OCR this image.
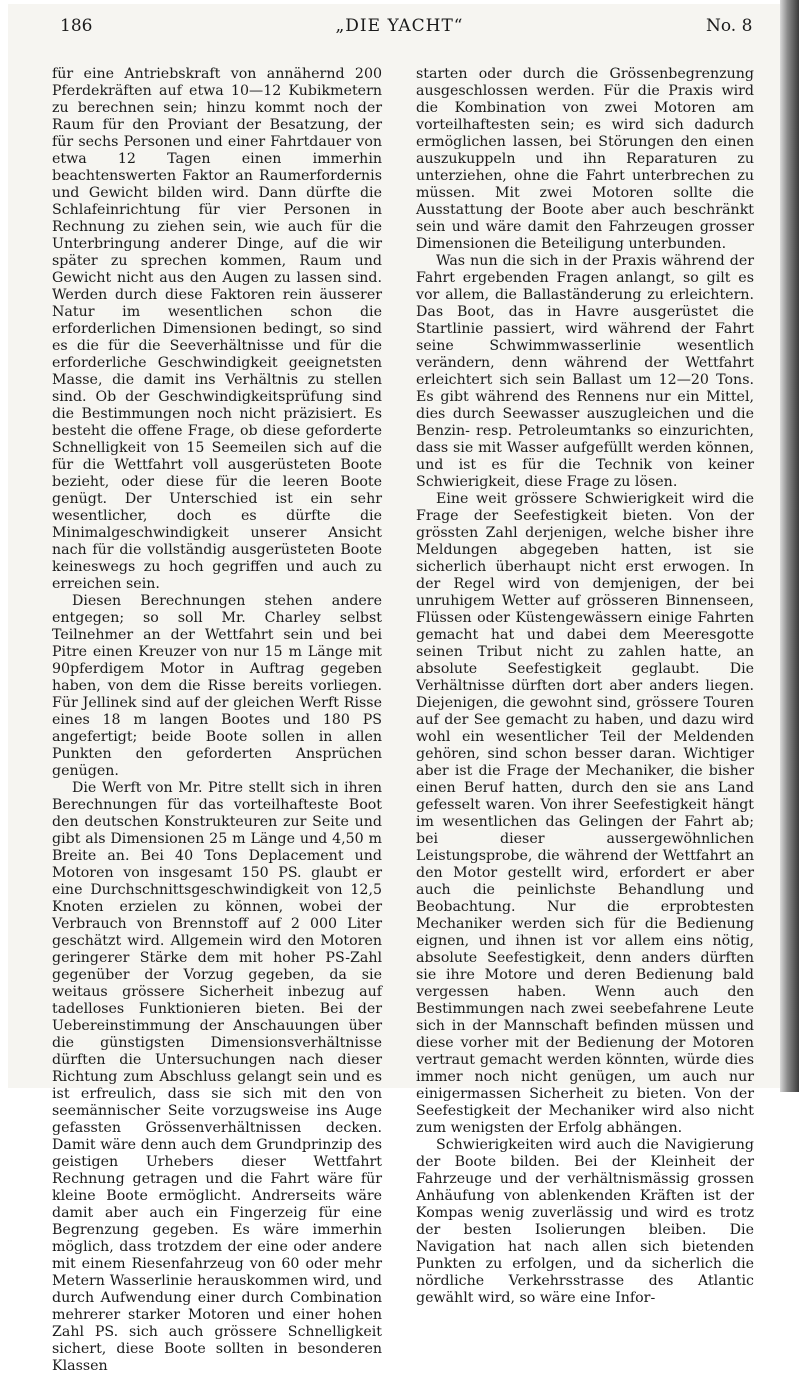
186	„DIE YACHT“	No. 8

für eine Antriebskraft von annähernd 200 Pferdekräften auf etwa 10—12 Kubikmetern zu berechnen sein; hinzu kommt noch der Raum für den Proviant der Besatzung, der für sechs Personen und einer Fahrtdauer von etwa 12 Tagen einen immerhin beachtenswerten Faktor an Raumerfordernis und Gewicht bilden wird. Dann dürfte die Schlafeinrichtung für vier Personen in Rechnung zu ziehen sein, wie auch für die Unterbringung anderer Dinge, auf die wir später zu sprechen kommen, Raum und Gewicht nicht aus den Augen zu lassen sind. Werden durch diese Faktoren rein äusserer Natur im wesentlichen schon die erforderlichen Dimensionen bedingt, so sind es die für die Seeverhältnisse und für die erforderliche Geschwindigkeit geeignetsten Masse, die damit ins Verhältnis zu stellen sind. Ob der Geschwindigkeitsprüfung sind die Bestimmungen noch nicht präzisiert. Es besteht die offene Frage, ob diese geforderte Schnelligkeit von 15 Seemeilen sich auf die für die Wettfahrt voll ausgerüsteten Boote bezieht, oder diese für die leeren Boote genügt. Der Unterschied ist ein sehr wesentlicher, doch es dürfte die Minimalgeschwindigkeit unserer Ansicht nach für die vollständig ausgerüsteten Boote keineswegs zu hoch gegriffen und auch zu erreichen sein.

Diesen Berechnungen stehen andere entgegen; so soll Mr. Charley selbst Teilnehmer an der Wettfahrt sein und bei Pitre einen Kreuzer von nur 15 m Länge mit 90pferdigem Motor in Auftrag gegeben haben, von dem die Risse bereits vorliegen. Für Jellinek sind auf der gleichen Werft Risse eines 18 m langen Bootes und 180 PS angefertigt; beide Boote sollen in allen Punkten den geforderten Ansprüchen genügen.

Die Werft von Mr. Pitre stellt sich in ihren Berechnungen für das vorteilhafteste Boot den deutschen Konstrukteuren zur Seite und gibt als Dimensionen 25 m Länge und 4,50 m Breite an. Bei 40 Tons Deplacement und Motoren von insgesamt 150 PS. glaubt er eine Durchschnittsgeschwindigkeit von 12,5 Knoten erzielen zu können, wobei der Verbrauch von Brennstoff auf 2 000 Liter geschätzt wird. Allgemein wird den Motoren geringerer Stärke dem mit hoher PS-Zahl gegenüber der Vorzug gegeben, da sie weitaus grössere Sicherheit inbezug auf tadelloses Funktionieren bieten. Bei der Uebereinstimmung der Anschauungen über die günstigsten Dimensionsverhältnisse dürften die Untersuchungen nach dieser Richtung zum Abschluss gelangt sein und es ist erfreulich, dass sie sich mit den von seemännischer Seite vorzugsweise ins Auge gefassten Grössenverhältnissen decken. Damit wäre denn auch dem Grundprinzip des geistigen Urhebers dieser Wettfahrt Rechnung getragen und die Fahrt wäre für kleine Boote ermöglicht. Andrerseits wäre damit aber auch ein Fingerzeig für eine Begrenzung gegeben. Es wäre immerhin möglich, dass trotzdem der eine oder andere mit einem Riesenfahrzeug von 60 oder mehr Metern Wasserlinie herauskommen wird, und durch Aufwendung einer durch Combination mehrerer starker Motoren und einer hohen Zahl PS. sich auch grössere Schnelligkeit sichert, diese Boote sollten in besonderen Klassen

starten oder durch die Grössenbegrenzung ausgeschlossen werden. Für die Praxis wird die Kombination von zwei Motoren am vorteilhaftesten sein; es wird sich dadurch ermöglichen lassen, bei Störungen den einen auszukuppeln und ihn Reparaturen zu unterziehen, ohne die Fahrt unterbrechen zu müssen. Mit zwei Motoren sollte die Ausstattung der Boote aber auch beschränkt sein und wäre damit den Fahrzeugen grosser Dimensionen die Beteiligung unterbunden.

Was nun die sich in der Praxis während der Fahrt ergebenden Fragen anlangt, so gilt es vor allem, die Ballaständerung zu erleichtern. Das Boot, das in Havre ausgerüstet die Startlinie passiert, wird während der Fahrt seine Schwimmwasserlinie wesentlich verändern, denn während der Wettfahrt erleichtert sich sein Ballast um 12—20 Tons. Es gibt während des Rennens nur ein Mittel, dies durch Seewasser auszugleichen und die Benzin- resp. Petroleumtanks so einzurichten, dass sie mit Wasser aufgefüllt werden können, und ist es für die Technik von keiner Schwierigkeit, diese Frage zu lösen.

Eine weit grössere Schwierigkeit wird die Frage der Seefestigkeit bieten. Von der grössten Zahl derjenigen, welche bisher ihre Meldungen abgegeben hatten, ist sie sicherlich überhaupt nicht erst erwogen. In der Regel wird von demjenigen, der bei unruhigem Wetter auf grösseren Binnenseen, Flüssen oder Küstengewässern einige Fahrten gemacht hat und dabei dem Meeresgotte seinen Tribut nicht zu zahlen hatte, an absolute Seefestigkeit geglaubt. Die Verhältnisse dürften dort aber anders liegen. Diejenigen, die gewohnt sind, grössere Touren auf der See gemacht zu haben, und dazu wird wohl ein wesentlicher Teil der Meldenden gehören, sind schon besser daran. Wichtiger aber ist die Frage der Mechaniker, die bisher einen Beruf hatten, durch den sie ans Land gefesselt waren. Von ihrer Seefestigkeit hängt im wesentlichen das Gelingen der Fahrt ab; bei dieser aussergewöhnlichen Leistungsprobe, die während der Wettfahrt an den Motor gestellt wird, erfordert er aber auch die peinlichste Behandlung und Beobachtung. Nur die erprobtesten Mechaniker werden sich für die Bedienung eignen, und ihnen ist vor allem eins nötig, absolute Seefestigkeit, denn anders dürften sie ihre Motore und deren Bedienung bald vergessen haben. Wenn auch den Bestimmungen nach zwei seebefahrene Leute sich in der Mannschaft befinden müssen und diese vorher mit der Bedienung der Motoren vertraut gemacht werden könnten, würde dies immer noch nicht genügen, um auch nur einigermassen Sicherheit zu bieten. Von der Seefestigkeit der Mechaniker wird also nicht zum wenigsten der Erfolg abhängen.

Schwierigkeiten wird auch die Navigierung der Boote bilden. Bei der Kleinheit der Fahrzeuge und der verhältnismässig grossen Anhäufung von ablenkenden Kräften ist der Kompas wenig zuverlässig und wird es trotz der besten Isolierungen bleiben. Die Navigation hat nach allen sich bietenden Punkten zu erfolgen, und da sicherlich die nördliche Verkehrsstrasse des Atlantic gewählt wird, so wäre eine Infor-
